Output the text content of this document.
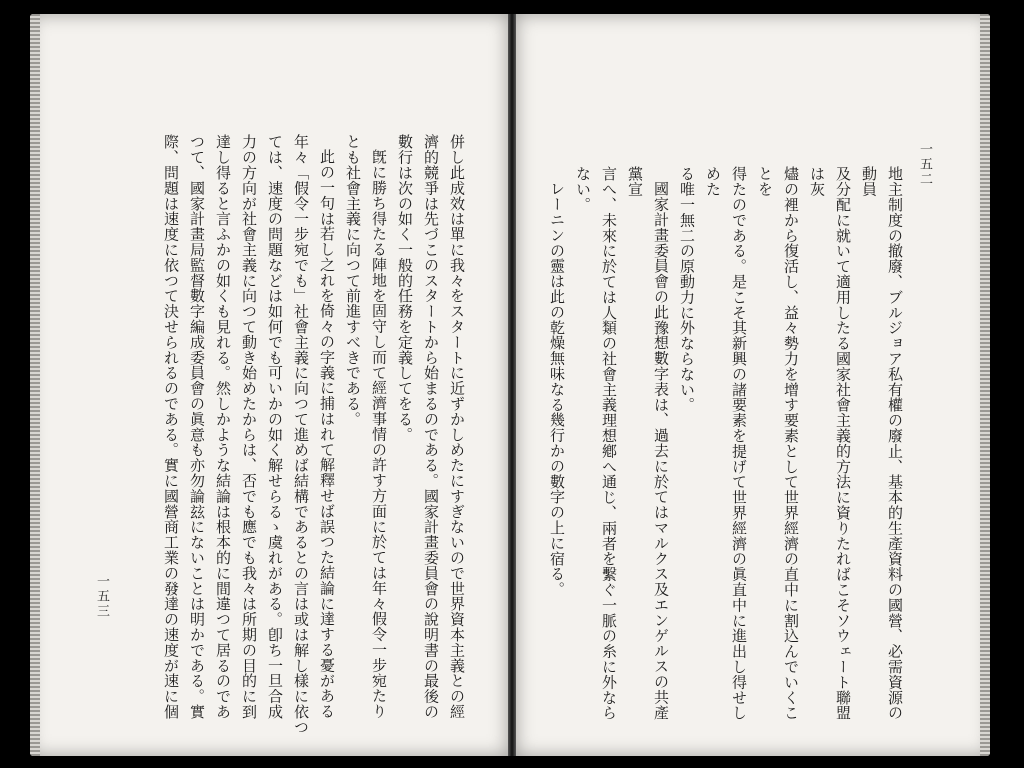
併し此成效は單に我々をスタートに近ずかしめたにすぎないので世界資本主義との經

濟的競爭は先づこのスタートから始まるのである。國家計畫委員會の說明書の最後の

數行は次の如く一般的任務を定義してをる。

旣に勝ち得たる陣地を固守し而て經濟事情の許す方面に於ては年々假令一步宛たり

とも社會主義に向つて前進すべきである。

此の一句は若し之れを倚々の字義に捕はれて解釋せば誤つた結論に達する憂がある

年々「假令一步宛でも」社會主義に向つて進めば結構であるとの言は或は解し樣に依つ

ては、速度の問題などは如何でも可いかの如く解せらるゝ虞れがある。卽ち一旦合成

力の方向が社會主義に向つて動き始めたからは、否でも應でも我々は所期の目的に到

達し得ると言ふかの如くも見れる。然しかような結論は根本的に間違つて居るのであ

つて、國家計畫局監督數字編成委員會の眞意も亦勿論玆にないことは明かである。實

際、問題は速度に依つて決せられるのである。實に國營商工業の發達の速度が速に個

一五三
一五二

地主制度の撤廢、ブルジョア私有權の廢止、基本的生產資料の國營、必需資源の動員

及分配に就いて適用したる國家社會主義的方法に資りたればこそソウェート聯盟は灰

燼の裡から復活し、益々勢力を增す要素として世界經濟の直中に割込んでいくことを

得たのである。是こそ其新興の諸要素を提げて世界經濟の眞直中に進出し得せしめた

る唯一無二の原動力に外ならない。

國家計畫委員會の此豫想數字表は、過去に於てはマルクス及エンゲルスの共產黨宣

言へ、未來に於ては人類の社會主義理想鄕へ通じ、兩者を繫ぐ一脈の糸に外ならない。

レーニンの靈は此の乾燥無味なる幾行かの數字の上に宿る。
